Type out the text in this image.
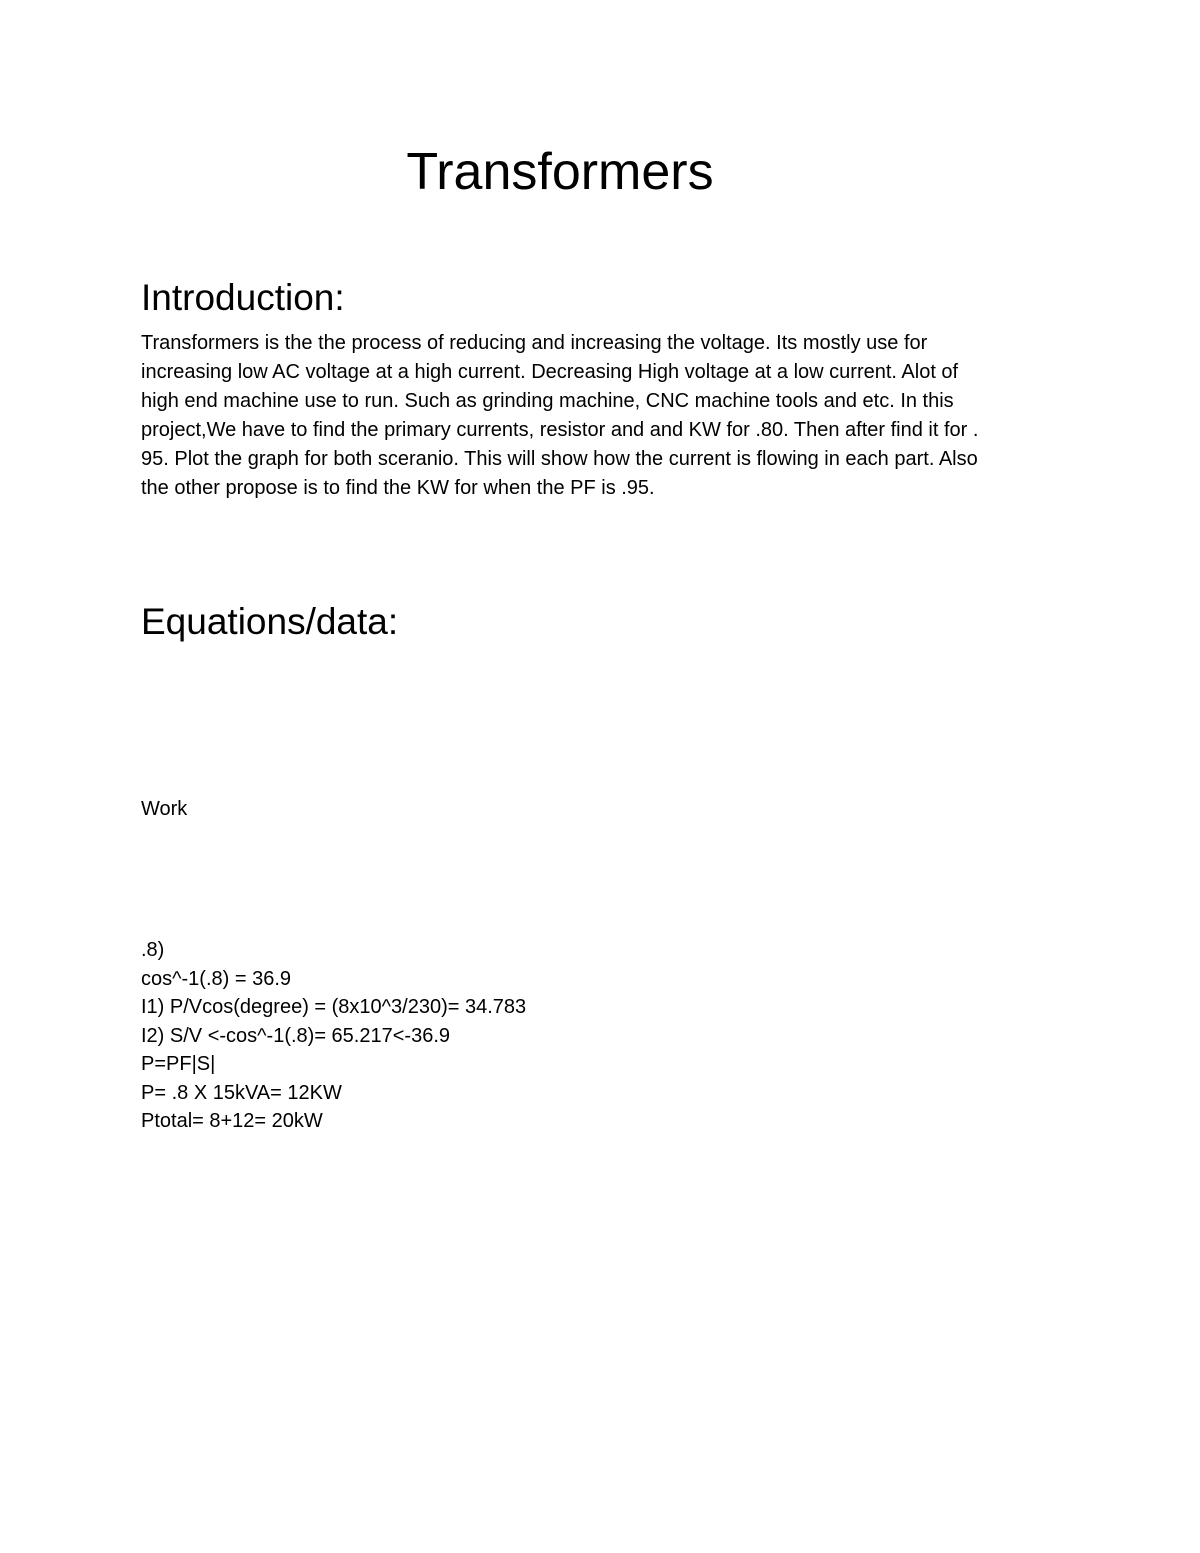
Transformers
Introduction:
Transformers is the the process of reducing and increasing the voltage. Its mostly use for
increasing low AC voltage at a high current. Decreasing High voltage at a low current. Alot of
high end machine use to run. Such as grinding machine, CNC machine tools and etc. In this
project,We have to find the primary currents, resistor and and KW for .80. Then after find it for .
95. Plot the graph for both sceranio. This will show how the current is flowing in each part. Also
the other propose is to find the KW for when the PF is .95.
Equations/data:

Work

.8)
cos^-1(.8) = 36.9
I1) P/Vcos(degree) = (8x10^3/230)= 34.783
I2) S/V <-cos^-1(.8)= 65.217<-36.9
P=PF|S|
P= .8 X 15kVA= 12KW
Ptotal= 8+12= 20kW
